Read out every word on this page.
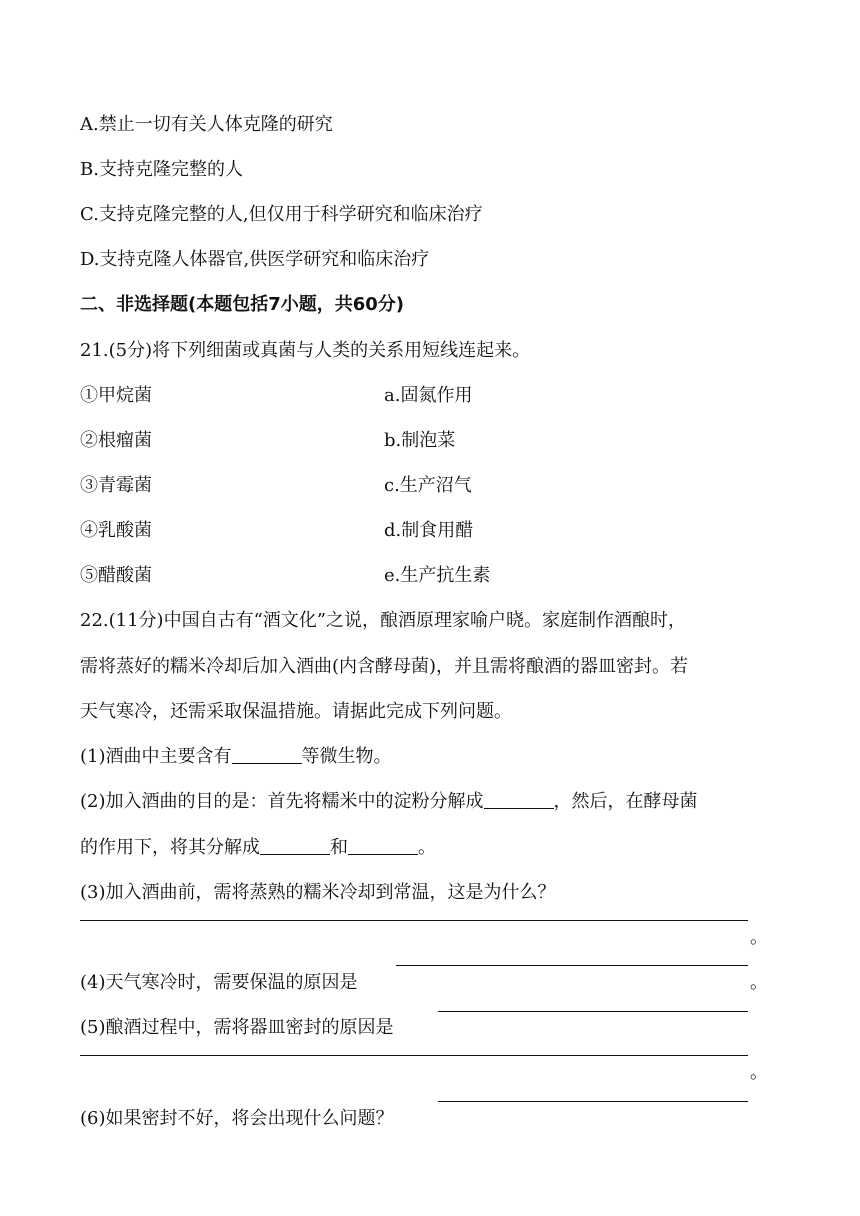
A.禁止一切有关人体克隆的研究
B.支持克隆完整的人
C.支持克隆完整的人,但仅用于科学研究和临床治疗
D.支持克隆人体器官,供医学研究和临床治疗
二、非选择题(本题包括7小题，共60分)
21.(5分)将下列细菌或真菌与人类的关系用短线连起来。
①甲烷菌	a.固氮作用
②根瘤菌	b.制泡菜
③青霉菌	c.生产沼气
④乳酸菌	d.制食用醋
⑤醋酸菌	e.生产抗生素
22.(11分)中国自古有“酒文化”之说，酿酒原理家喻户晓。家庭制作酒酿时，
需将蒸好的糯米冷却后加入酒曲(内含酵母菌)，并且需将酿酒的器皿密封。若
天气寒冷，还需采取保温措施。请据此完成下列问题。
(1)酒曲中主要含有	等微生物。
(2)加入酒曲的目的是：首先将糯米中的淀粉分解成	，然后，在酵母菌
的作用下，将其分解成	和	。
(3)加入酒曲前，需将蒸熟的糯米冷却到常温，这是为什么？
。
(4)天气寒冷时，需要保温的原因是	。
(5)酿酒过程中，需将器皿密封的原因是
。
(6)如果密封不好，将会出现什么问题？
